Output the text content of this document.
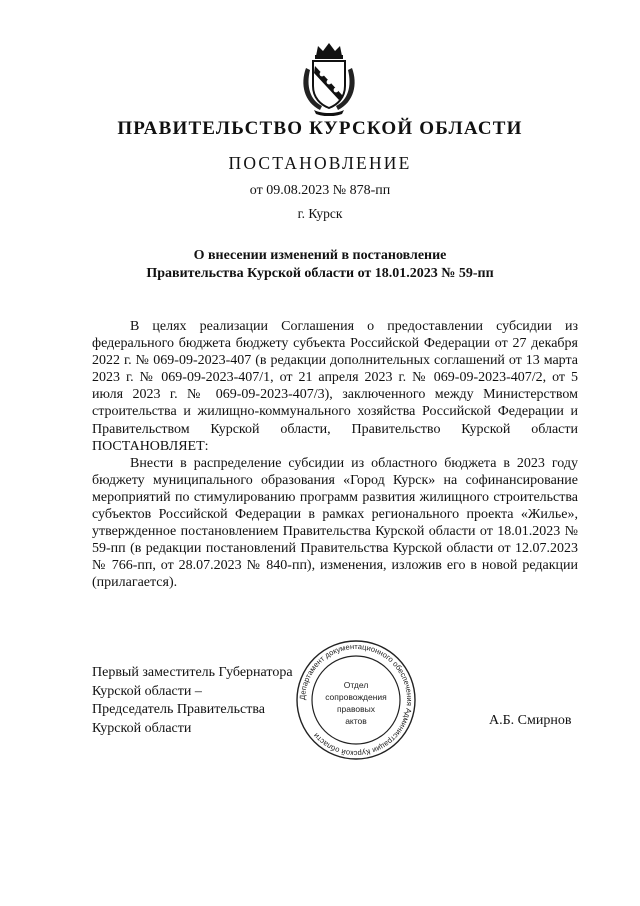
ПРАВИТЕЛЬСТВО КУРСКОЙ ОБЛАСТИ
ПОСТАНОВЛЕНИЕ
от 09.08.2023 № 878-пп
г. Курск
О внесении изменений в постановление
Правительства Курской области от 18.01.2023 № 59-пп

В целях реализации Соглашения о предоставлении субсидии из федерального бюджета бюджету субъекта Российской Федерации от 27 декабря 2022 г. № 069-09-2023-407 (в редакции дополнительных соглашений от 13 марта 2023 г. № 069-09-2023-407/1, от 21 апреля 2023 г. № 069-09-2023-407/2, от 5 июля 2023 г. № 069-09-2023-407/3), заключенного между Министерством строительства и жилищно-коммунального хозяйства Российской Федерации и Правительством Курской области, Правительство Курской области ПОСТАНОВЛЯЕТ:

Внести в распределение субсидии из областного бюджета в 2023 году бюджету муниципального образования «Город Курск» на софинансирование мероприятий по стимулированию программ развития жилищного строительства субъектов Российской Федерации в рамках регионального проекта «Жилье», утвержденное постановлением Правительства Курской области от 18.01.2023 № 59-пп (в редакции постановлений Правительства Курской области от 12.07.2023 № 766-пп, от 28.07.2023 № 840-пп), изменения, изложив его в новой редакции (прилагается).

Первый заместитель Губернатора
Курской области –
Председатель Правительства
Курской области
Департамент документационного обеспечения Администрации Курской области
Отдел
сопровождения
правовых
актов	А.Б. Смирнов
